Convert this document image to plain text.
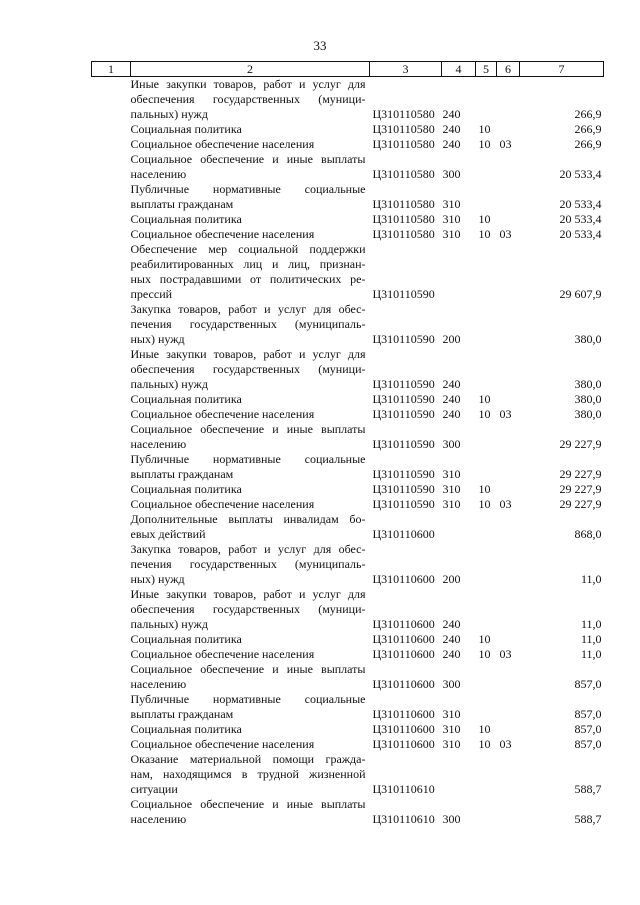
33
1	2	3	4	5	6	7

	Иные закупки товаров, работ и услуг для
обеспечения государственных (муници-
пальных) нужд	Ц310110580	240			266,9

	Социальная политика	Ц310110580	240	10		266,9

	Социальное обеспечение населения	Ц310110580	240	10	03	266,9

	Социальное обеспечение и иные выплаты
населению	Ц310110580	300			20 533,4

	Публичные нормативные социальные
выплаты гражданам	Ц310110580	310			20 533,4

	Социальная политика	Ц310110580	310	10		20 533,4

	Социальное обеспечение населения	Ц310110580	310	10	03	20 533,4

	Обеспечение мер социальной поддержки
реабилитированных лиц и лиц, признан-
ных пострадавшими от политических ре-
прессий	Ц310110590				29 607,9

	Закупка товаров, работ и услуг для обес-
печения государственных (муниципаль-
ных) нужд	Ц310110590	200			380,0

	Иные закупки товаров, работ и услуг для
обеспечения государственных (муници-
пальных) нужд	Ц310110590	240			380,0

	Социальная политика	Ц310110590	240	10		380,0

	Социальное обеспечение населения	Ц310110590	240	10	03	380,0

	Социальное обеспечение и иные выплаты
населению	Ц310110590	300			29 227,9

	Публичные нормативные социальные
выплаты гражданам	Ц310110590	310			29 227,9

	Социальная политика	Ц310110590	310	10		29 227,9

	Социальное обеспечение населения	Ц310110590	310	10	03	29 227,9

	Дополнительные выплаты инвалидам бо-
евых действий	Ц310110600				868,0

	Закупка товаров, работ и услуг для обес-
печения государственных (муниципаль-
ных) нужд	Ц310110600	200			11,0

	Иные закупки товаров, работ и услуг для
обеспечения государственных (муници-
пальных) нужд	Ц310110600	240			11,0

	Социальная политика	Ц310110600	240	10		11,0

	Социальное обеспечение населения	Ц310110600	240	10	03	11,0

	Социальное обеспечение и иные выплаты
населению	Ц310110600	300			857,0

	Публичные нормативные социальные
выплаты гражданам	Ц310110600	310			857,0

	Социальная политика	Ц310110600	310	10		857,0

	Социальное обеспечение населения	Ц310110600	310	10	03	857,0

	Оказание материальной помощи гражда-
нам, находящимся в трудной жизненной
ситуации	Ц310110610				588,7

	Социальное обеспечение и иные выплаты
населению	Ц310110610	300			588,7
